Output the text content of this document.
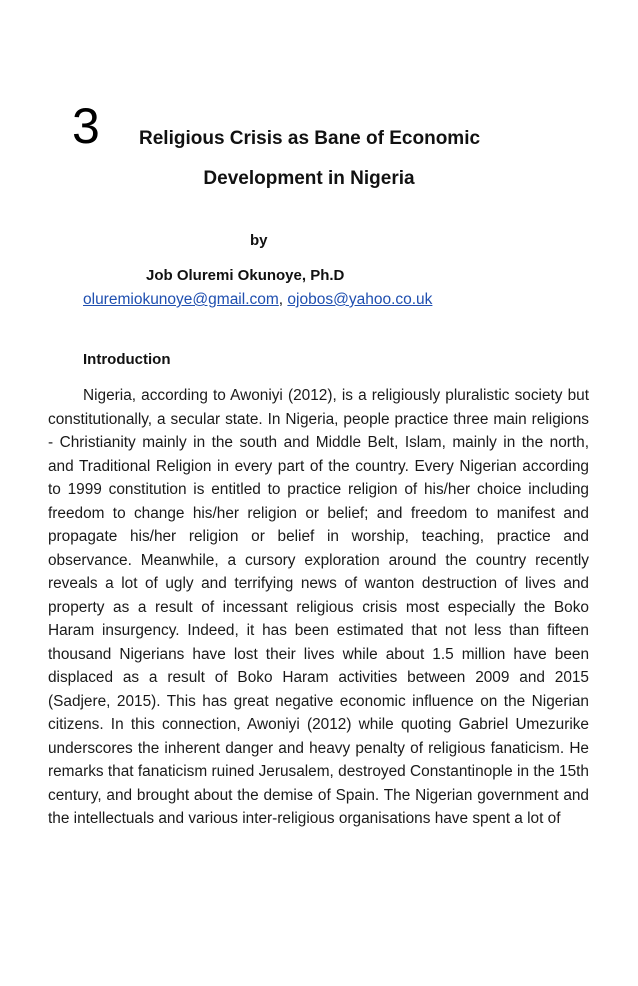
3 Religious Crisis as Bane of Economic
Development in Nigeria
by
Job Oluremi Okunoye, Ph.D
oluremiokunoye@gmail.com, ojobos@yahoo.co.uk
Introduction

Nigeria, according to Awoniyi (2012), is a religiously pluralistic society but constitutionally, a secular state. In Nigeria, people practice three main religions - Christianity mainly in the south and Middle Belt, Islam, mainly in the north, and Traditional Religion in every part of the country. Every Nigerian according to 1999 constitution is entitled to practice religion of his/her choice including freedom to change his/her religion or belief; and freedom to manifest and propagate his/her religion or belief in worship, teaching, practice and observance. Meanwhile, a cursory exploration around the country recently reveals a lot of ugly and terrifying news of wanton destruction of lives and property as a result of incessant religious crisis most especially the Boko Haram insurgency. Indeed, it has been estimated that not less than fifteen thousand Nigerians have lost their lives while about 1.5 million have been displaced as a result of Boko Haram activities between 2009 and 2015 (Sadjere, 2015). This has great negative economic influence on the Nigerian citizens. In this connection, Awoniyi (2012) while quoting Gabriel Umezurike underscores the inherent danger and heavy penalty of religious fanaticism. He remarks that fanaticism ruined Jerusalem, destroyed Constantinople in the 15th century, and brought about the demise of Spain. The Nigerian government and the intellectuals and various inter-religious organisations have spent a lot of
